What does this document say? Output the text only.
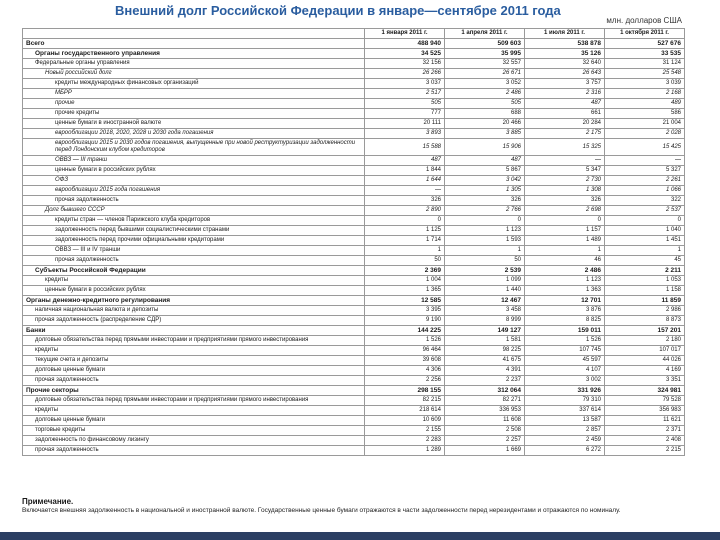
Внешний долг Российской Федерации в январе—сентябре 2011 года
млн. долларов США
	1 января 2011 г.	1 апреля 2011 г.	1 июля 2011 г.	1 октября 2011 г.
Всего	488 940	509 603	538 878	527 676
Органы государственного управления	34 525	35 995	35 126	33 535
Федеральные органы управления	32 156	32 557	32 640	31 124
Новый российский долг	26 266	26 671	26 643	25 548
кредиты международных финансовых организаций	3 037	3 052	3 757	3 039
МБРР	2 517	2 486	2 316	2 168
прочие	505	505	487	489
прочие кредиты	777	688	661	586
ценные бумаги в иностранной валюте	20 111	20 466	20 284	21 004
еврооблигации 2018, 2020, 2028 и 2030 года погашения	3 893	3 885	2 175	2 028
еврооблигации 2015 и 2030 годов погашения, выпущенные при новой реструктуризации задолженности перед Лондонским клубом кредиторов	15 588	15 906	15 325	15 425
ОВВЗ — III транш	487	487	—	—
ценные бумаги в российских рублях	1 844	5 867	5 347	5 327
ОФЗ	1 644	3 042	2 730	2 261
еврооблигации 2015 года погашения	—	1 305	1 308	1 066
прочая задолженность	326	326	326	322
Долг бывшего СССР	2 890	2 766	2 698	2 537
кредиты стран — членов Парижского клуба кредиторов	0	0	0	0
задолженность перед бывшими социалистическими странами	1 125	1 123	1 157	1 040
задолженность перед прочими официальными кредиторами	1 714	1 593	1 489	1 451
ОВВЗ — III и IV транши	1	1	1	1
прочая задолженность	50	50	46	45
Субъекты Российской Федерации	2 369	2 539	2 486	2 211
кредиты	1 004	1 099	1 123	1 053
ценные бумаги в российских рублях	1 365	1 440	1 363	1 158
Органы денежно-кредитного регулирования	12 585	12 467	12 701	11 859
наличная национальная валюта и депозиты	3 395	3 458	3 876	2 986
прочая задолженность (распределение СДР)	9 190	8 999	8 825	8 873
Банки	144 225	149 127	159 011	157 201
долговые обязательства перед прямыми инвесторами и предприятиями прямого инвестирования	1 526	1 581	1 526	2 180
кредиты	96 464	98 225	107 745	107 017
текущие счета и депозиты	39 608	41 675	45 597	44 026
долговые ценные бумаги	4 306	4 391	4 107	4 169
прочая задолженность	2 256	2 237	3 002	3 351
Прочие секторы	298 155	312 064	331 926	324 981
долговые обязательства перед прямыми инвесторами и предприятиями прямого инвестирования	82 215	82 271	79 310	79 528
кредиты	218 614	336 953	337 614	356 983
долговые ценные бумаги	10 609	11 608	13 587	11 621
торговые кредиты	2 155	2 508	2 857	2 371
задолженность по финансовому лизингу	2 283	2 257	2 459	2 408
прочая задолженность	1 289	1 669	6 272	2 215
Примечание.
Включается внешняя задолженность в национальной и иностранной валюте. Государственные ценные бумаги отражаются в части задолженности перед нерезидентами и отражаются по номиналу.
